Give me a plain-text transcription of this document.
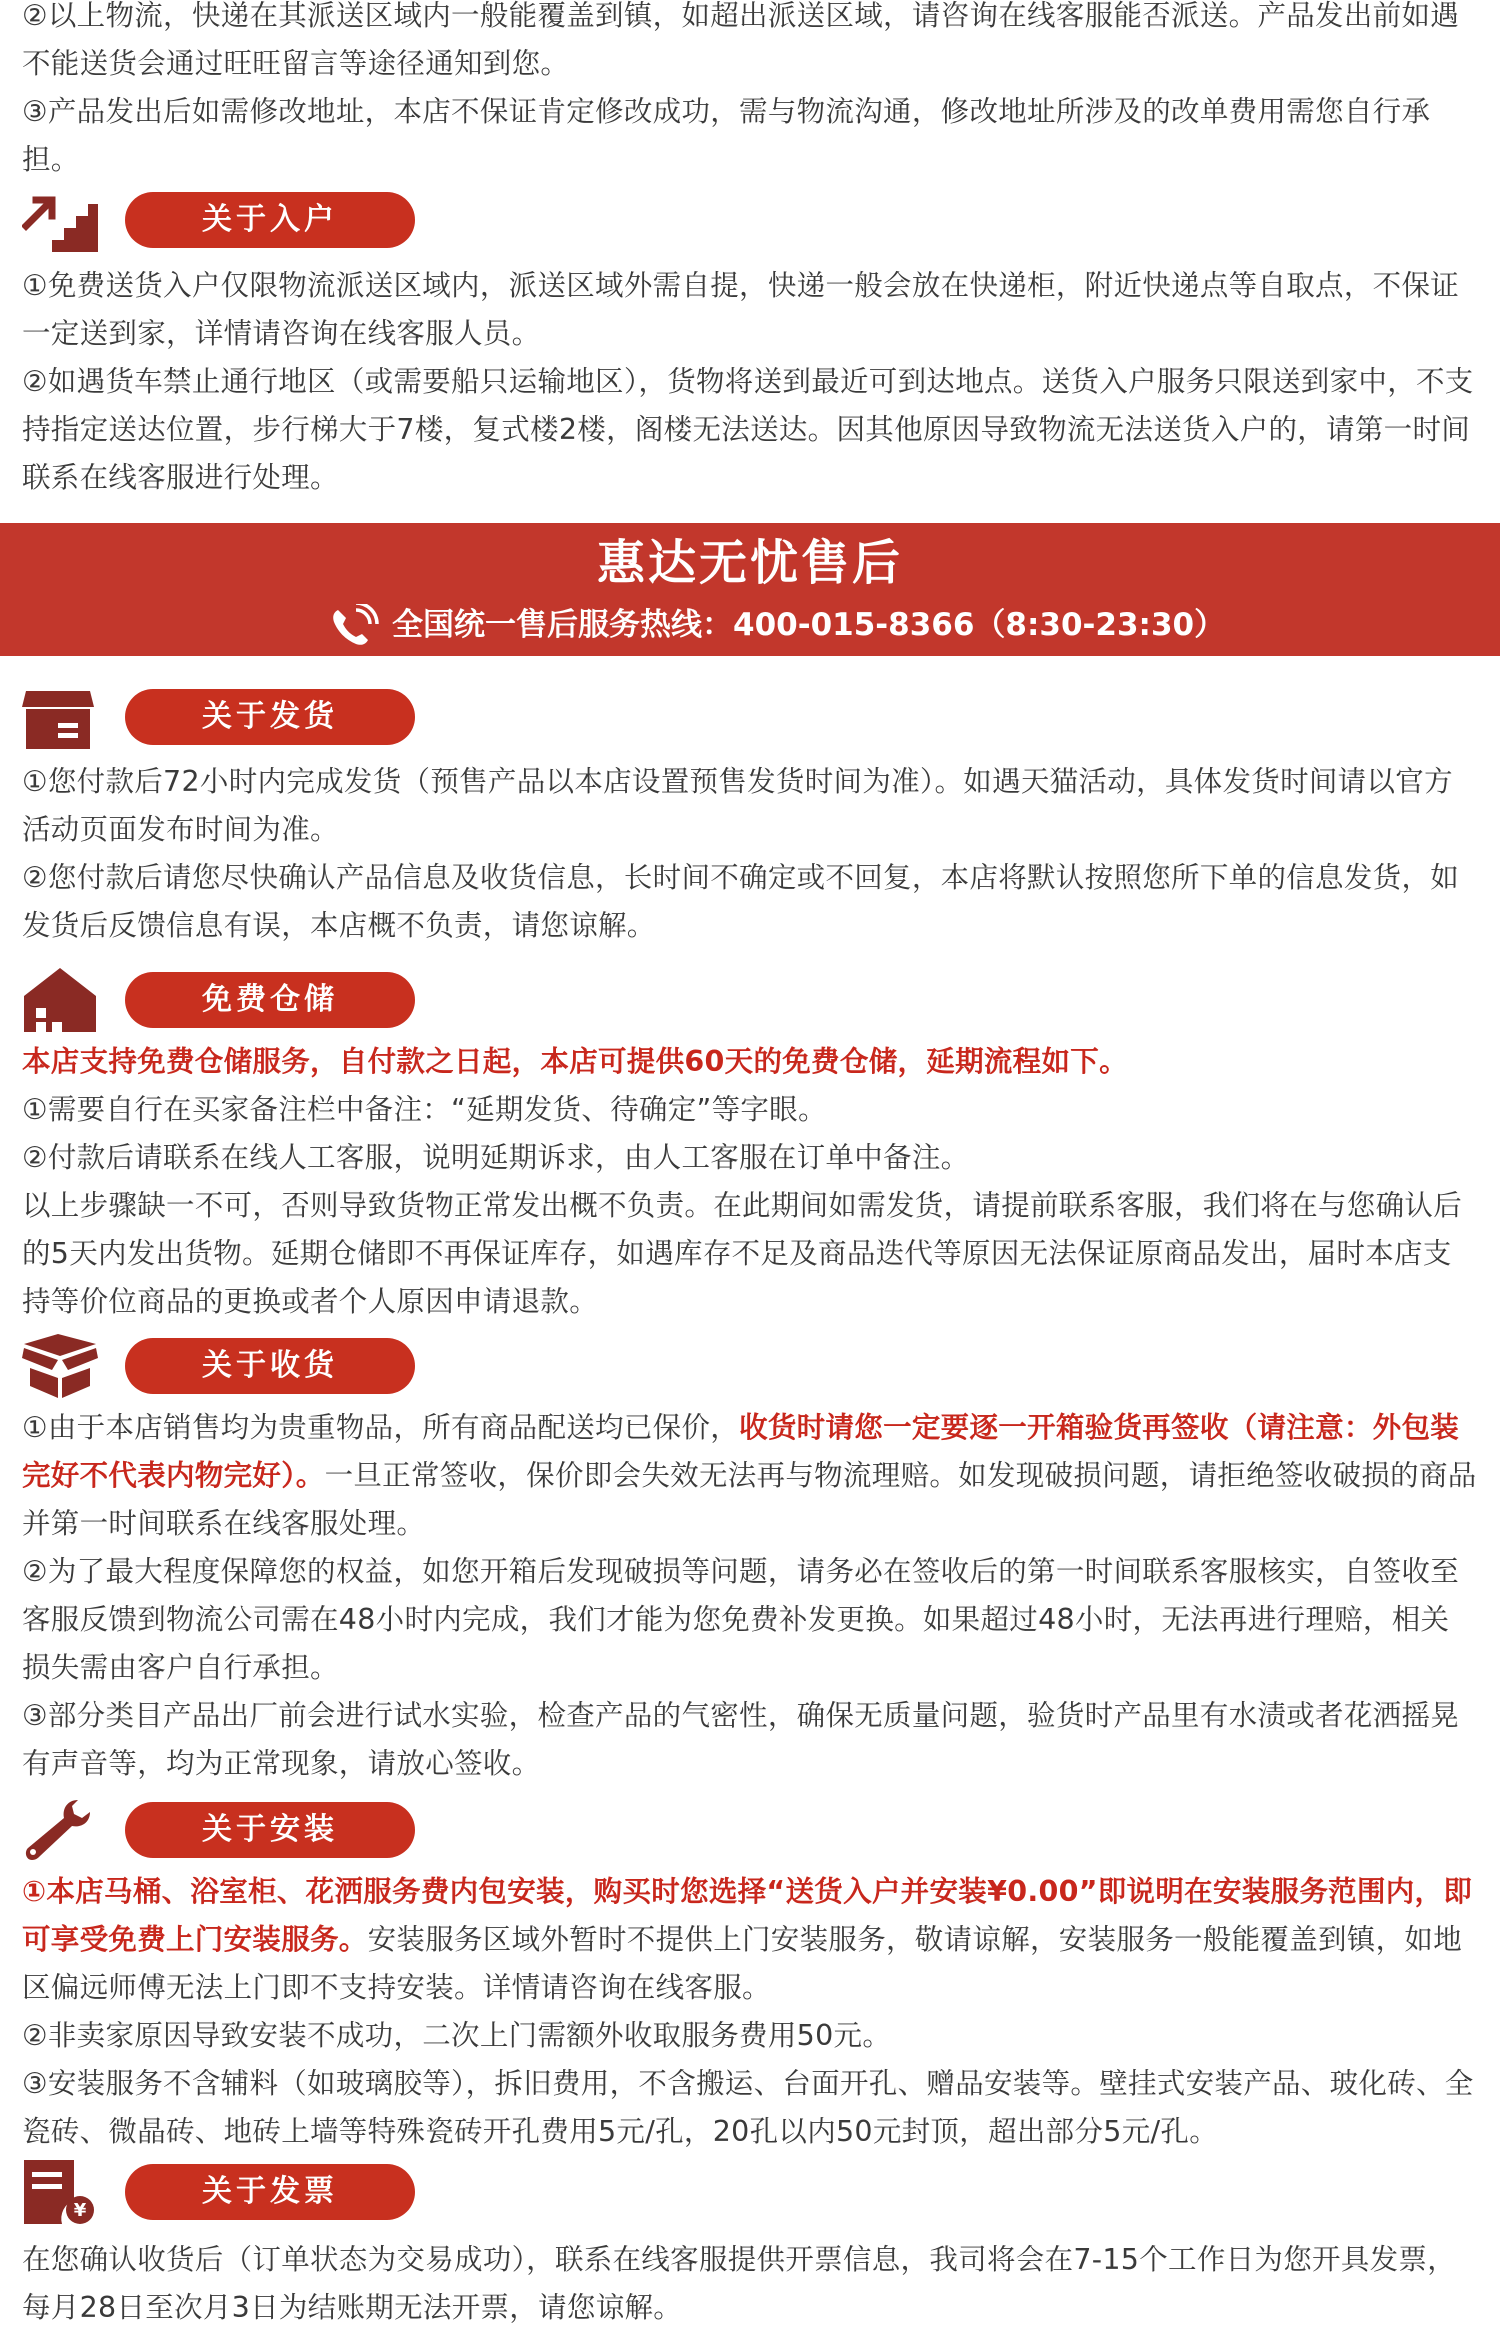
②以上物流，快递在其派送区域内一般能覆盖到镇，如超出派送区域，请咨询在线客服能否派送。产品发出前如遇不能送货会通过旺旺留言等途径通知到您。

③产品发出后如需修改地址，本店不保证肯定修改成功，需与物流沟通，修改地址所涉及的改单费用需您自行承担。

关于入户

①免费送货入户仅限物流派送区域内，派送区域外需自提，快递一般会放在快递柜，附近快递点等自取点，不保证一定送到家，详情请咨询在线客服人员。

②如遇货车禁止通行地区（或需要船只运输地区），货物将送到最近可到达地点。送货入户服务只限送到家中，不支持指定送达位置，步行梯大于7楼，复式楼2楼，阁楼无法送达。因其他原因导致物流无法送货入户的，请第一时间联系在线客服进行处理。

惠达无忧售后
全国统一售后服务热线：400-015-8366（8:30-23:30）
关于发货

①您付款后72小时内完成发货（预售产品以本店设置预售发货时间为准）。如遇天猫活动，具体发货时间请以官方活动页面发布时间为准。

②您付款后请您尽快确认产品信息及收货信息，长时间不确定或不回复，本店将默认按照您所下单的信息发货，如发货后反馈信息有误，本店概不负责，请您谅解。

免费仓储

本店支持免费仓储服务，自付款之日起，本店可提供60天的免费仓储，延期流程如下。

①需要自行在买家备注栏中备注：“延期发货、待确定”等字眼。

②付款后请联系在线人工客服，说明延期诉求，由人工客服在订单中备注。

以上步骤缺一不可，否则导致货物正常发出概不负责。在此期间如需发货，请提前联系客服，我们将在与您确认后的5天内发出货物。延期仓储即不再保证库存，如遇库存不足及商品迭代等原因无法保证原商品发出，届时本店支持等价位商品的更换或者个人原因申请退款。

关于收货

①由于本店销售均为贵重物品，所有商品配送均已保价，收货时请您一定要逐一开箱验货再签收（请注意：外包装完好不代表内物完好）。一旦正常签收，保价即会失效无法再与物流理赔。如发现破损问题，请拒绝签收破损的商品并第一时间联系在线客服处理。

②为了最大程度保障您的权益，如您开箱后发现破损等问题，请务必在签收后的第一时间联系客服核实，自签收至客服反馈到物流公司需在48小时内完成，我们才能为您免费补发更换。如果超过48小时，无法再进行理赔，相关损失需由客户自行承担。

③部分类目产品出厂前会进行试水实验，检查产品的气密性，确保无质量问题，验货时产品里有水渍或者花洒摇晃有声音等，均为正常现象，请放心签收。

关于安装

①本店马桶、浴室柜、花洒服务费内包安装，购买时您选择“送货入户并安装¥0.00”即说明在安装服务范围内，即可享受免费上门安装服务。安装服务区域外暂时不提供上门安装服务，敬请谅解，安装服务一般能覆盖到镇，如地区偏远师傅无法上门即不支持安装。详情请咨询在线客服。

②非卖家原因导致安装不成功，二次上门需额外收取服务费用50元。

③安装服务不含辅料（如玻璃胶等），拆旧费用，不含搬运、台面开孔、赠品安装等。壁挂式安装产品、玻化砖、全瓷砖、微晶砖、地砖上墙等特殊瓷砖开孔费用5元/孔，20孔以内50元封顶，超出部分5元/孔。

¥
关于发票

在您确认收货后（订单状态为交易成功），联系在线客服提供开票信息，我司将会在7-15个工作日为您开具发票，每月28日至次月3日为结账期无法开票，请您谅解。
